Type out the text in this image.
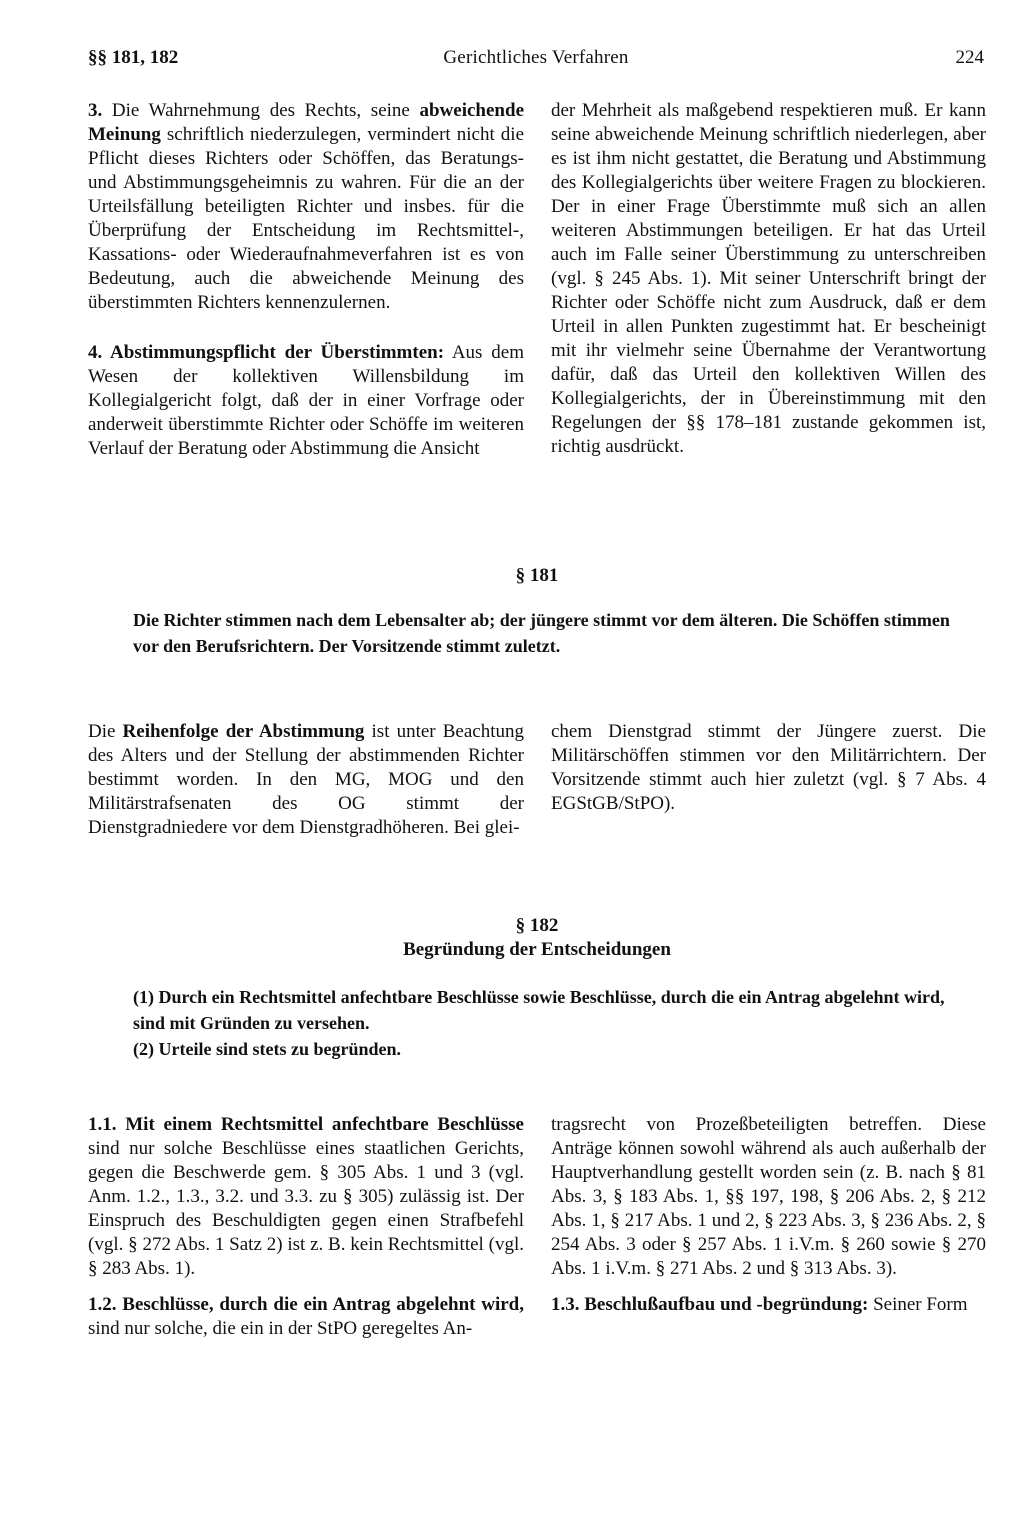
§§ 181, 182	Gerichtliches Verfahren	224

3. Die Wahrnehmung des Rechts, seine abweichende Meinung schriftlich niederzulegen, vermindert nicht die Pflicht dieses Richters oder Schöffen, das Beratungs- und Abstimmungsgeheimnis zu wahren. Für die an der Urteilsfällung beteiligten Richter und insbes. für die Überprüfung der Entscheidung im Rechtsmittel-, Kassations- oder Wiederaufnahmeverfahren ist es von Bedeutung, auch die abweichende Meinung des überstimmten Richters kennenzulernen.

4. Abstimmungspflicht der Überstimmten: Aus dem Wesen der kollektiven Willensbildung im Kollegialgericht folgt, daß der in einer Vorfrage oder anderweit überstimmte Richter oder Schöffe im weiteren Verlauf der Beratung oder Abstimmung die Ansicht

der Mehrheit als maßgebend respektieren muß. Er kann seine abweichende Meinung schriftlich niederlegen, aber es ist ihm nicht gestattet, die Beratung und Abstimmung des Kollegialgerichts über weitere Fragen zu blockieren. Der in einer Frage Überstimmte muß sich an allen weiteren Abstimmungen beteiligen. Er hat das Urteil auch im Falle seiner Überstimmung zu unterschreiben (vgl. § 245 Abs. 1). Mit seiner Unterschrift bringt der Richter oder Schöffe nicht zum Ausdruck, daß er dem Urteil in allen Punkten zugestimmt hat. Er bescheinigt mit ihr vielmehr seine Übernahme der Verantwortung dafür, daß das Urteil den kollektiven Willen des Kollegialgerichts, der in Übereinstimmung mit den Regelungen der §§ 178–181 zustande gekommen ist, richtig ausdrückt.

§ 181

Die Richter stimmen nach dem Lebensalter ab; der jüngere stimmt vor dem älteren. Die Schöffen stimmen vor den Berufsrichtern. Der Vorsitzende stimmt zuletzt.

Die Reihenfolge der Abstimmung ist unter Beachtung des Alters und der Stellung der abstimmenden Richter bestimmt worden. In den MG, MOG und den Militärstrafsenaten des OG stimmt der Dienstgradniedere vor dem Dienstgradhöheren. Bei glei-

chem Dienstgrad stimmt der Jüngere zuerst. Die Militärschöffen stimmen vor den Militärrichtern. Der Vorsitzende stimmt auch hier zuletzt (vgl. § 7 Abs. 4 EGStGB/StPO).

§ 182
Begründung der Entscheidungen

(1) Durch ein Rechtsmittel anfechtbare Beschlüsse sowie Beschlüsse, durch die ein Antrag abgelehnt wird, sind mit Gründen zu versehen.

(2) Urteile sind stets zu begründen.

1.1. Mit einem Rechtsmittel anfechtbare Beschlüsse sind nur solche Beschlüsse eines staatlichen Gerichts, gegen die Beschwerde gem. § 305 Abs. 1 und 3 (vgl. Anm. 1.2., 1.3., 3.2. und 3.3. zu § 305) zulässig ist. Der Einspruch des Beschuldigten gegen einen Strafbefehl (vgl. § 272 Abs. 1 Satz 2) ist z. B. kein Rechtsmittel (vgl. § 283 Abs. 1).

1.2. Beschlüsse, durch die ein Antrag abgelehnt wird, sind nur solche, die ein in der StPO geregeltes An-

tragsrecht von Prozeßbeteiligten betreffen. Diese Anträge können sowohl während als auch außerhalb der Hauptverhandlung gestellt worden sein (z. B. nach § 81 Abs. 3, § 183 Abs. 1, §§ 197, 198, § 206 Abs. 2, § 212 Abs. 1, § 217 Abs. 1 und 2, § 223 Abs. 3, § 236 Abs. 2, § 254 Abs. 3 oder § 257 Abs. 1 i.V.m. § 260 sowie § 270 Abs. 1 i.V.m. § 271 Abs. 2 und § 313 Abs. 3).

1.3. Beschlußaufbau und -begründung: Seiner Form
